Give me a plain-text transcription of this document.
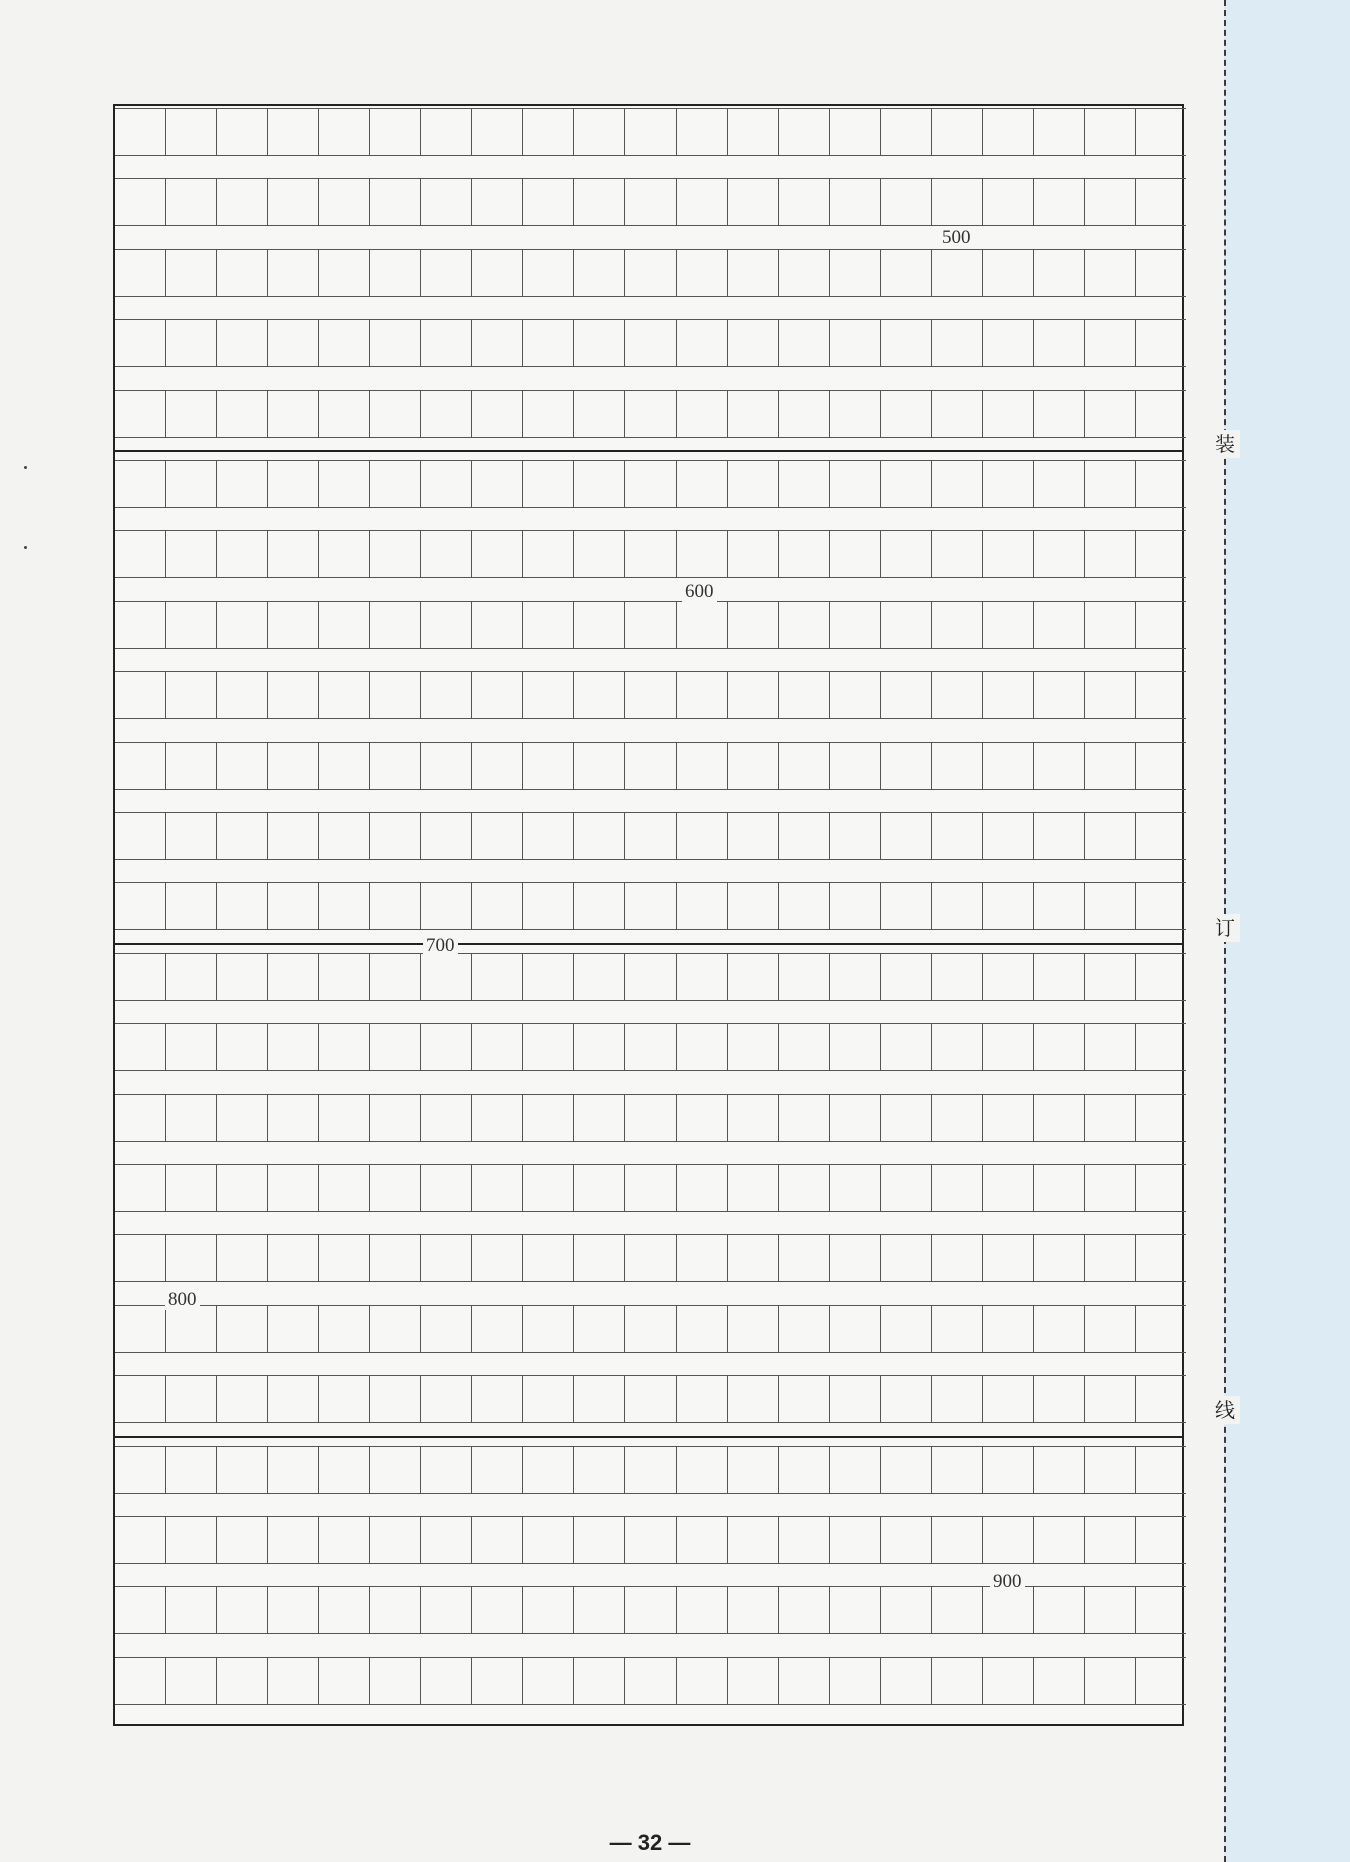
装
订
线
500
600
700
800
900
— 32 —
